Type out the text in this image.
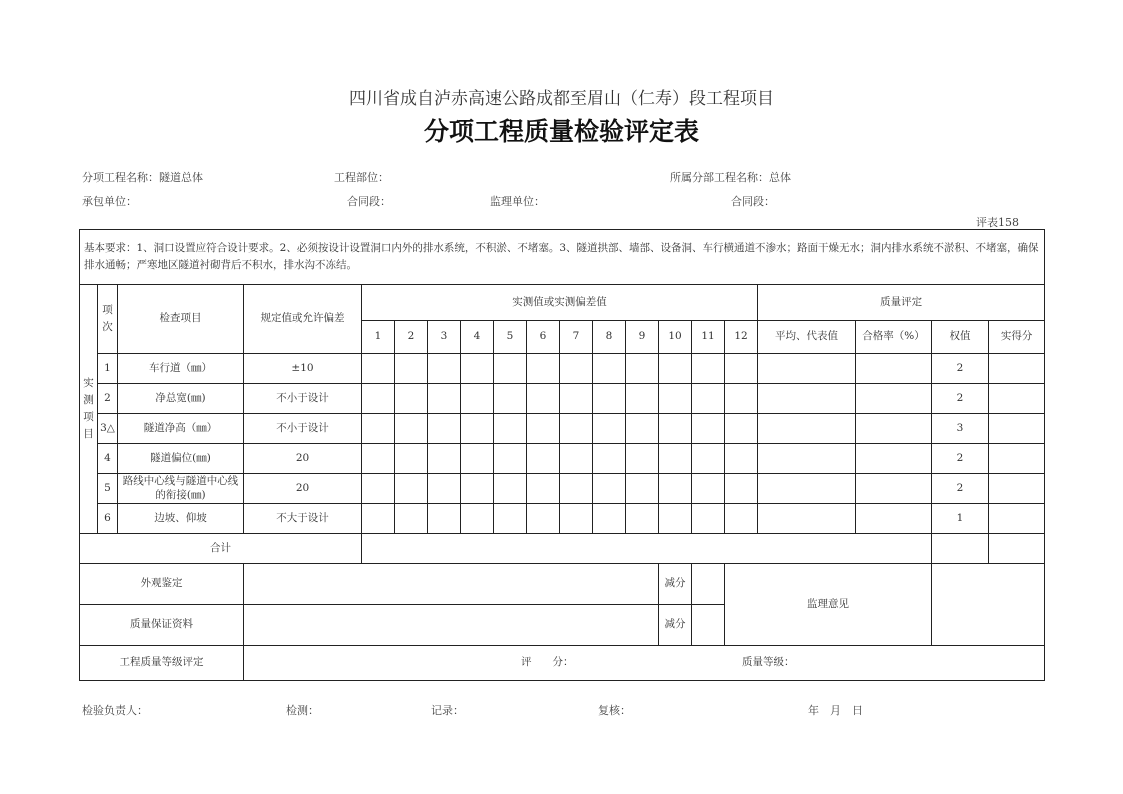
四川省成自泸赤高速公路成都至眉山（仁寿）段工程项目
分项工程质量检验评定表
分项工程名称：隧道总体	工程部位：	所属分部工程名称：总体
承包单位：	合同段：	监理单位：	合同段：
评表158
基本要求：1、洞口设置应符合设计要求。2、必须按设计设置洞口内外的排水系统，不积淤、不堵塞。3、隧道拱部、墙部、设备洞、车行横通道不渗水；路面干燥无水；洞内排水系统不淤积、不堵塞，确保排水通畅；严寒地区隧道衬砌背后不积水，排水沟不冻结。																			

实
测
项
目	项
次	检查项目	规定值或允许偏差	实测值或实测偏差值												质量评定			
				1	2	3	4	5	6	7	8	9	10	11	12	平均、代表值	合格率（%）	权值	实得分
	1	车行道（㎜）	±10															2	
	2	净总宽(㎜)	不小于设计															2	
	3△	隧道净高（㎜）	不小于设计															3	
	4	隧道偏位(㎜)	20															2	
	5	路线中心线与隧道中心线的衔接(㎜)	20															2	
	6	边坡、仰坡	不大于设计															1	
合计																			
外观鉴定													减分		监理意见				
质量保证资料													减分						
工程质量等级评定			评　　分： 质量等级：																
检验负责人：	检测：	记录：	复核：	年　月　日
